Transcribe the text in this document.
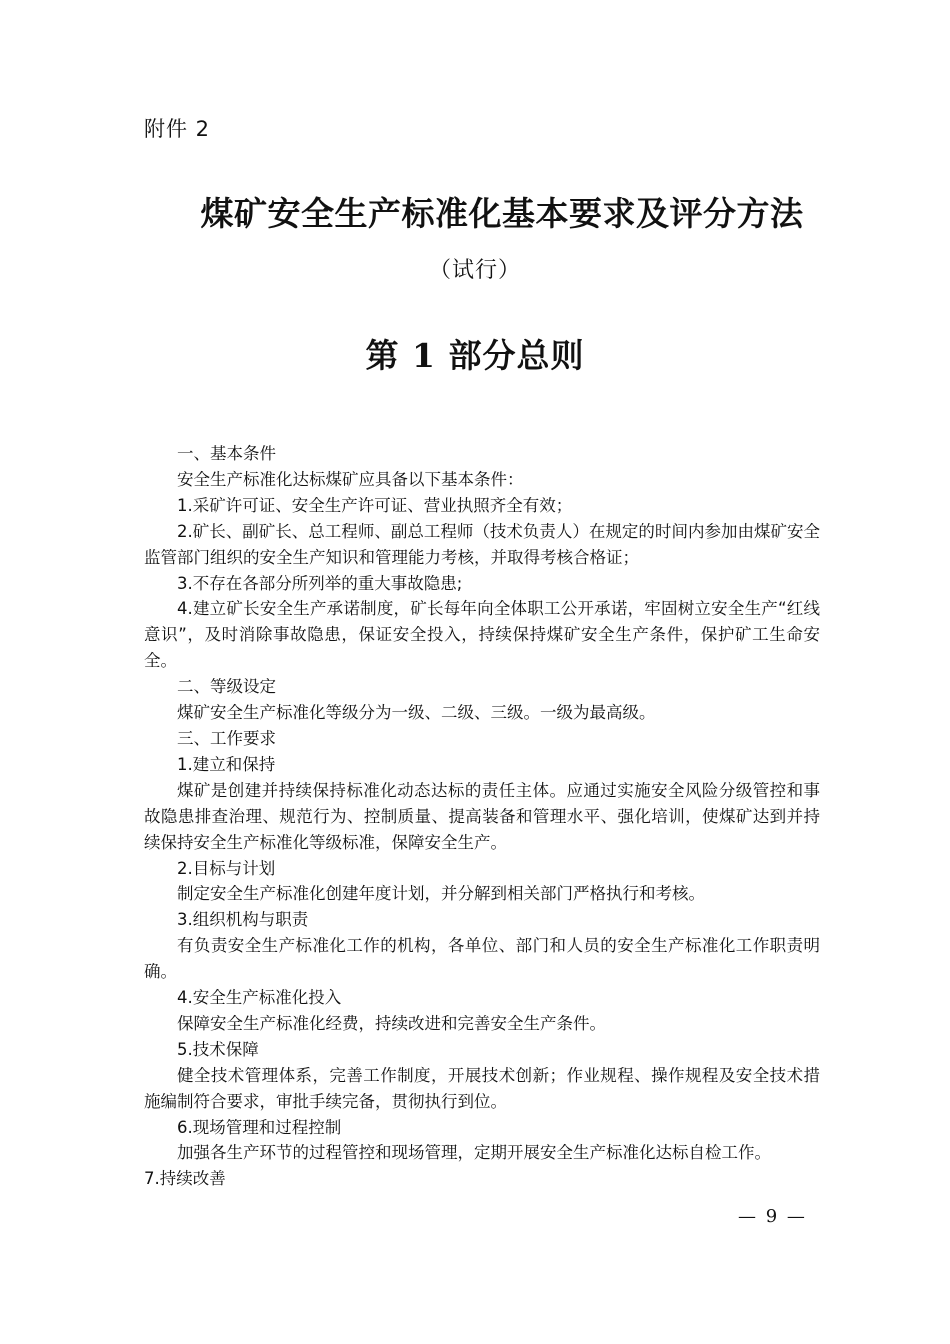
附件 2
煤矿安全生产标准化基本要求及评分方法
（试行）
第 1 部分总则

一、基本条件

安全生产标准化达标煤矿应具备以下基本条件：

1.采矿许可证、安全生产许可证、营业执照齐全有效；

2.矿长、副矿长、总工程师、副总工程师（技术负责人）在规定的时间内参加由煤矿安全监管部门组织的安全生产知识和管理能力考核，并取得考核合格证；

3.不存在各部分所列举的重大事故隐患;

4.建立矿长安全生产承诺制度，矿长每年向全体职工公开承诺，牢固树立安全生产“红线意识”，及时消除事故隐患，保证安全投入，持续保持煤矿安全生产条件，保护矿工生命安全。

二、等级设定

煤矿安全生产标准化等级分为一级、二级、三级。一级为最高级。

三、工作要求

1.建立和保持

煤矿是创建并持续保持标准化动态达标的责任主体。应通过实施安全风险分级管控和事故隐患排查治理、规范行为、控制质量、提高装备和管理水平、强化培训，使煤矿达到并持续保持安全生产标准化等级标准，保障安全生产。

2.目标与计划

制定安全生产标准化创建年度计划，并分解到相关部门严格执行和考核。

3.组织机构与职责

有负责安全生产标准化工作的机构，各单位、部门和人员的安全生产标准化工作职责明确。

4.安全生产标准化投入

保障安全生产标准化经费，持续改进和完善安全生产条件。

5.技术保障

健全技术管理体系，完善工作制度，开展技术创新；作业规程、操作规程及安全技术措施编制符合要求，审批手续完备，贯彻执行到位。

6.现场管理和过程控制

加强各生产环节的过程管控和现场管理，定期开展安全生产标准化达标自检工作。

7.持续改善

— 9 —
